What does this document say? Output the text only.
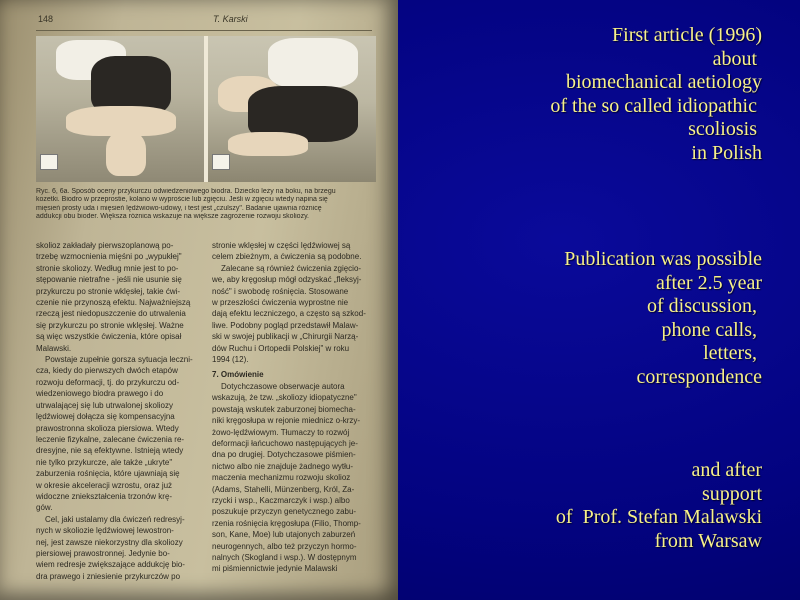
148	T. Karski
Ryc. 6, 6a. Sposób oceny przykurczu odwiedzeniowego biodra. Dziecko leży na boku, na brzegu
kozetki. Biodro w przeprostie, kolano w wyproście lub zgięciu. Jeśli w zgięciu wtedy napina się
mięsień prosty uda i mięsień lędźwiowo-udowy, i test jest „czulszy". Badanie ujawnia różnicę
addukcji obu bioder. Większa różnica wskazuje na większe zagrożenie rozwoju skoliozy.
skolioz zakładały pierwszoplanową po-
trzebę wzmocnienia mięśni po „wypukłej"
stronie skoliozy. Według mnie jest to po-
stępowanie nietrafne - jeśli nie usunie się
przykurczu po stronie wklęsłej, takie ćwi-
czenie nie przynoszą efektu. Najważniejszą
rzeczą jest niedopuszczenie do utrwalenia
się przykurczu po stronie wklęsłej. Ważne
są więc wszystkie ćwiczenia, które opisał
Malawski.
Powstaje zupełnie gorsza sytuacja leczni-
cza, kiedy do pierwszych dwóch etapów
rozwoju deformacji, tj. do przykurczu od-
wiedzeniowego biodra prawego i do
utrwalającej się lub utrwalonej skoliozy
lędźwiowej dołącza się kompensacyjna
prawostronna skolioza piersiowa. Wtedy
leczenie fizykalne, zalecane ćwiczenia re-
dresyjne, nie są efektywne. Istnieją wtedy
nie tylko przykurcze, ale także „ukryte"
zaburzenia rośnięcia, które ujawniają się
w okresie akceleracji wzrostu, oraz już
widoczne zniekształcenia trzonów krę-
gów.
Cel, jaki ustalamy dla ćwiczeń redresyj-
nych w skoliozie lędźwiowej lewostron-
nej, jest zawsze niekorzystny dla skoliozy
piersiowej prawostronnej. Jedynie bo-
wiem redresje zwiększające addukcję bio-
dra prawego i zniesienie przykurczów po
stronie wklęsłej w części lędźwiowej są
celem zbieżnym, a ćwiczenia są podobne.
Zalecane są również ćwiczenia zgięcio-
we, aby kręgosłup mógł odzyskać „fleksyj-
ność" i swobodę rośnięcia. Stosowane
w przeszłości ćwiczenia wyprostne nie
dają efektu leczniczego, a często są szkod-
liwe. Podobny pogląd przedstawił Malaw-
ski w swojej publikacji w „Chirurgii Narzą-
dów Ruchu i Ortopedii Polskiej" w roku
1994 (12).
7. Omówienie
Dotychczasowe obserwacje autora
wskazują, że tzw. „skoliozy idiopatyczne"
powstają wskutek zaburzonej biomecha-
niki kręgosłupa w rejonie miednicz o-krzy-
żowo-lędźwiowym. Tłumaczy to rozwój
deformacji łańcuchowo następujących je-
dna po drugiej. Dotychczasowe piśmien-
nictwo albo nie znajduje żadnego wytłu-
maczenia mechanizmu rozwoju skolioz
(Adams, Stahelli, Münzenberg, Król, Za-
rzycki i wsp., Kaczmarczyk i wsp.) albo
poszukuje przyczyn genetycznego zabu-
rzenia rośnięcia kręgosłupa (Filio, Thomp-
son, Kane, Moe) lub utajonych zaburzeń
neurogennych, albo też przyczyn hormo-
nalnych (Skogland i wsp.). W dostępnym
mi piśmiennictwie jedynie Malawski
First article (1996)
about
biomechanical aetiology
of the so called idiopathic
scoliosis
in Polish
Publication was possible
after 2.5 year
of discussion,
phone calls,
letters,
correspondence
and after
support
of  Prof. Stefan Malawski
from Warsaw
